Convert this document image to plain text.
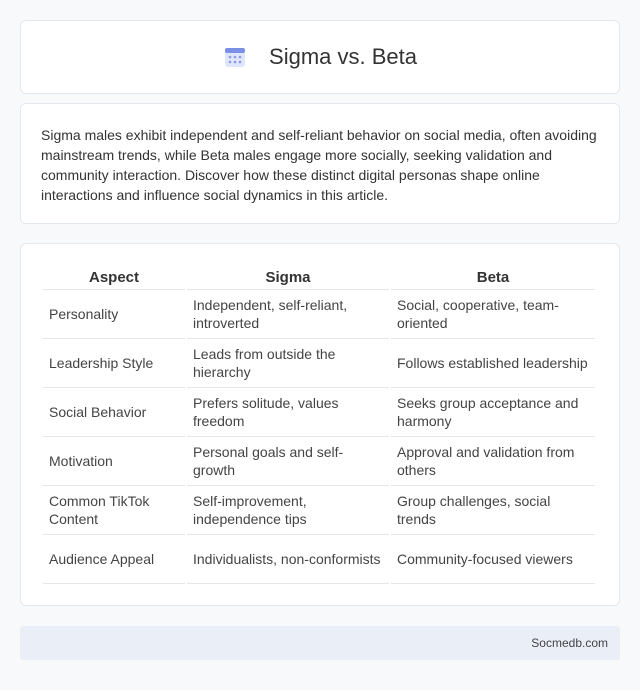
Sigma vs. Beta

Sigma males exhibit independent and self-reliant behavior on social media, often avoiding mainstream trends, while Beta males engage more socially, seeking validation and community interaction. Discover how these distinct digital personas shape online interactions and influence social dynamics in this article.

Aspect	Sigma	Beta
Personality	Independent, self-reliant, introverted	Social, cooperative, team-oriented
Leadership Style	Leads from outside the hierarchy	Follows established leadership
Social Behavior	Prefers solitude, values freedom	Seeks group acceptance and harmony
Motivation	Personal goals and self-growth	Approval and validation from others
Common TikTok Content	Self-improvement, independence tips	Group challenges, social trends
Audience Appeal	Individualists, non-conformists	Community-focused viewers
Socmedb.com
